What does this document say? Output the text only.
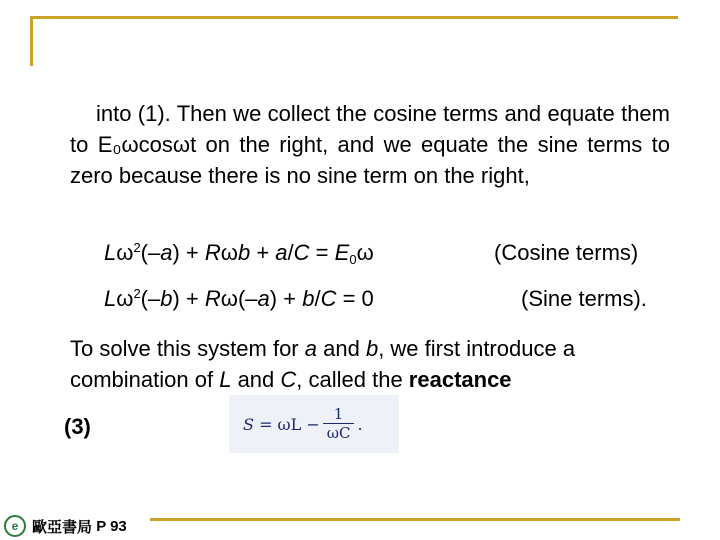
into (1). Then we collect the cosine terms and equate them to E₀ωcosωt on the right, and we equate the sine terms to zero because there is no sine term on the right,
$L\omega^2(-a) + R\omega b + a/C = E_0\omega$	(Cosine terms)
$L\omega^2(-b) + R\omega(-a) + b/C = 0$	(Sine terms).
To solve this system for a and b, we first introduce a combination of L and C, called the reactance
(3)	S
= $\omega L - \frac{1}{\omega C}$ .
e 歐亞書局
P 93
